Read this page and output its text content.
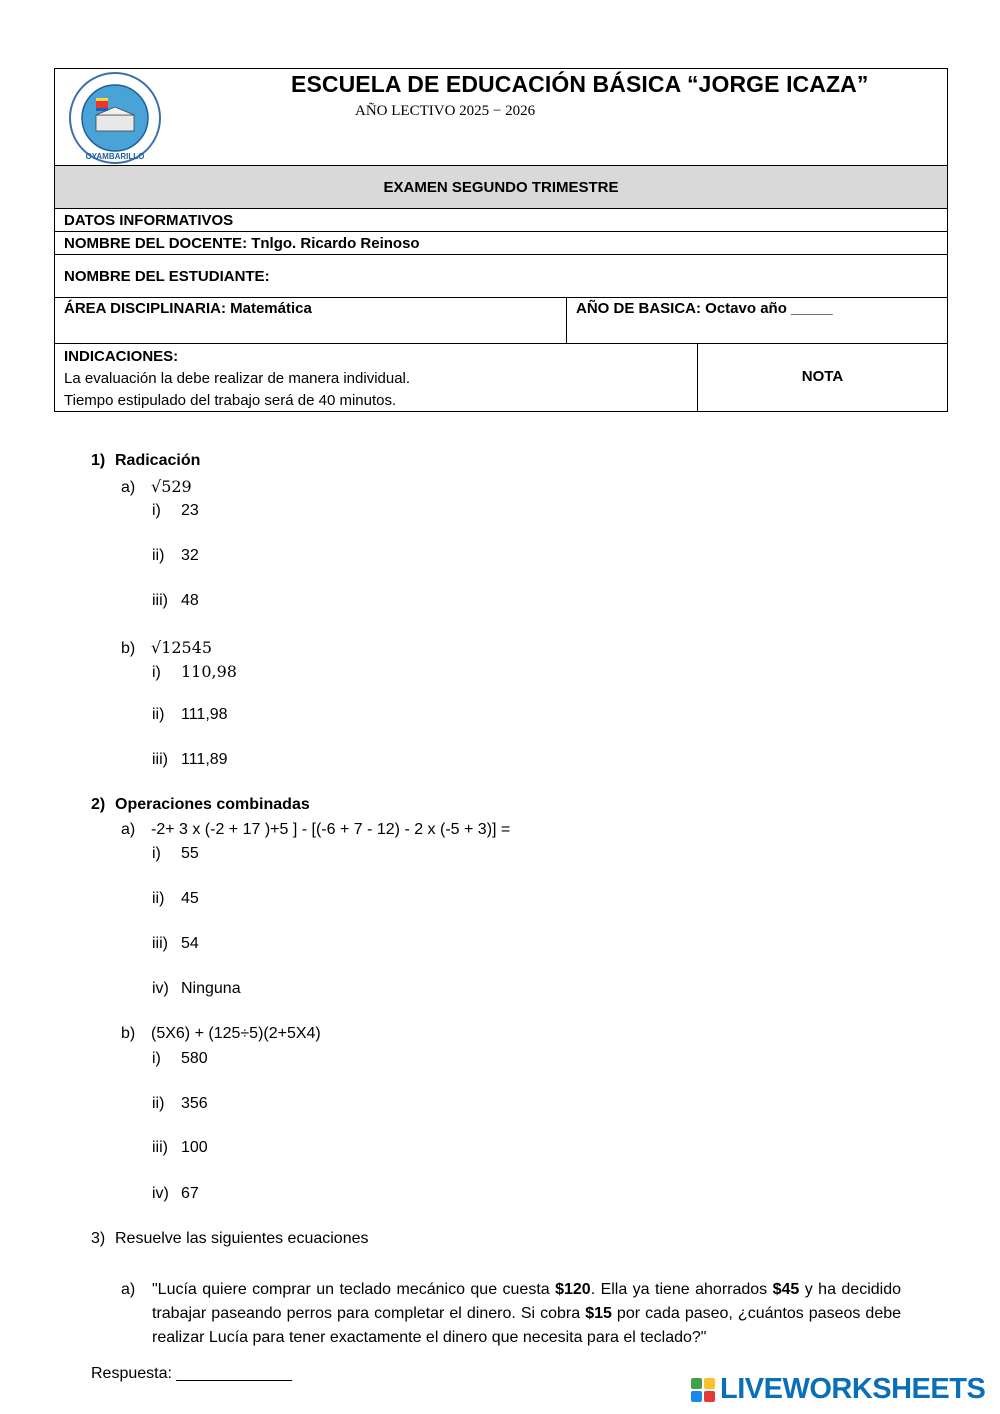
OYAMBARILLO
ESCUELA DE EDUCACIÓN BÁSICA “JORGE ICAZA”
AÑO LECTIVO 2025 − 2026
EXAMEN SEGUNDO TRIMESTRE
DATOS INFORMATIVOS
NOMBRE DEL DOCENTE: Tnlgo. Ricardo Reinoso
NOMBRE DEL ESTUDIANTE:
ÁREA DISCIPLINARIA: Matemática	AÑO DE BASICA: Octavo año _____
INDICACIONES:
La evaluación la debe realizar de manera individual.
Tiempo estipulado del trabajo será de 40 minutos.
NOTA
1) Radicación
a) √529
i) 23
ii) 32
iii) 48
b) √12545
i) 110,98
ii) 111,98
iii) 111,89
2) Operaciones combinadas
a) -2+ 3 x (-2 + 17 )+5 ] - [(-6 + 7 - 12) - 2 x (-5 + 3)] =
i) 55
ii) 45
iii) 54
iv) Ninguna
b) (5X6) + (125÷5)(2+5X4)
i) 580
ii) 356
iii) 100
iv) 67
3) Resuelve las siguientes ecuaciones
a) "Lucía quiere comprar un teclado mecánico que cuesta $120. Ella ya tiene ahorrados $45 y ha decidido trabajar paseando perros para completar el dinero. Si cobra $15 por cada paseo, ¿cuántos paseos debe realizar Lucía para tener exactamente el dinero que necesita para el teclado?"
Respuesta: _____________	LIVEWORKSHEETS
